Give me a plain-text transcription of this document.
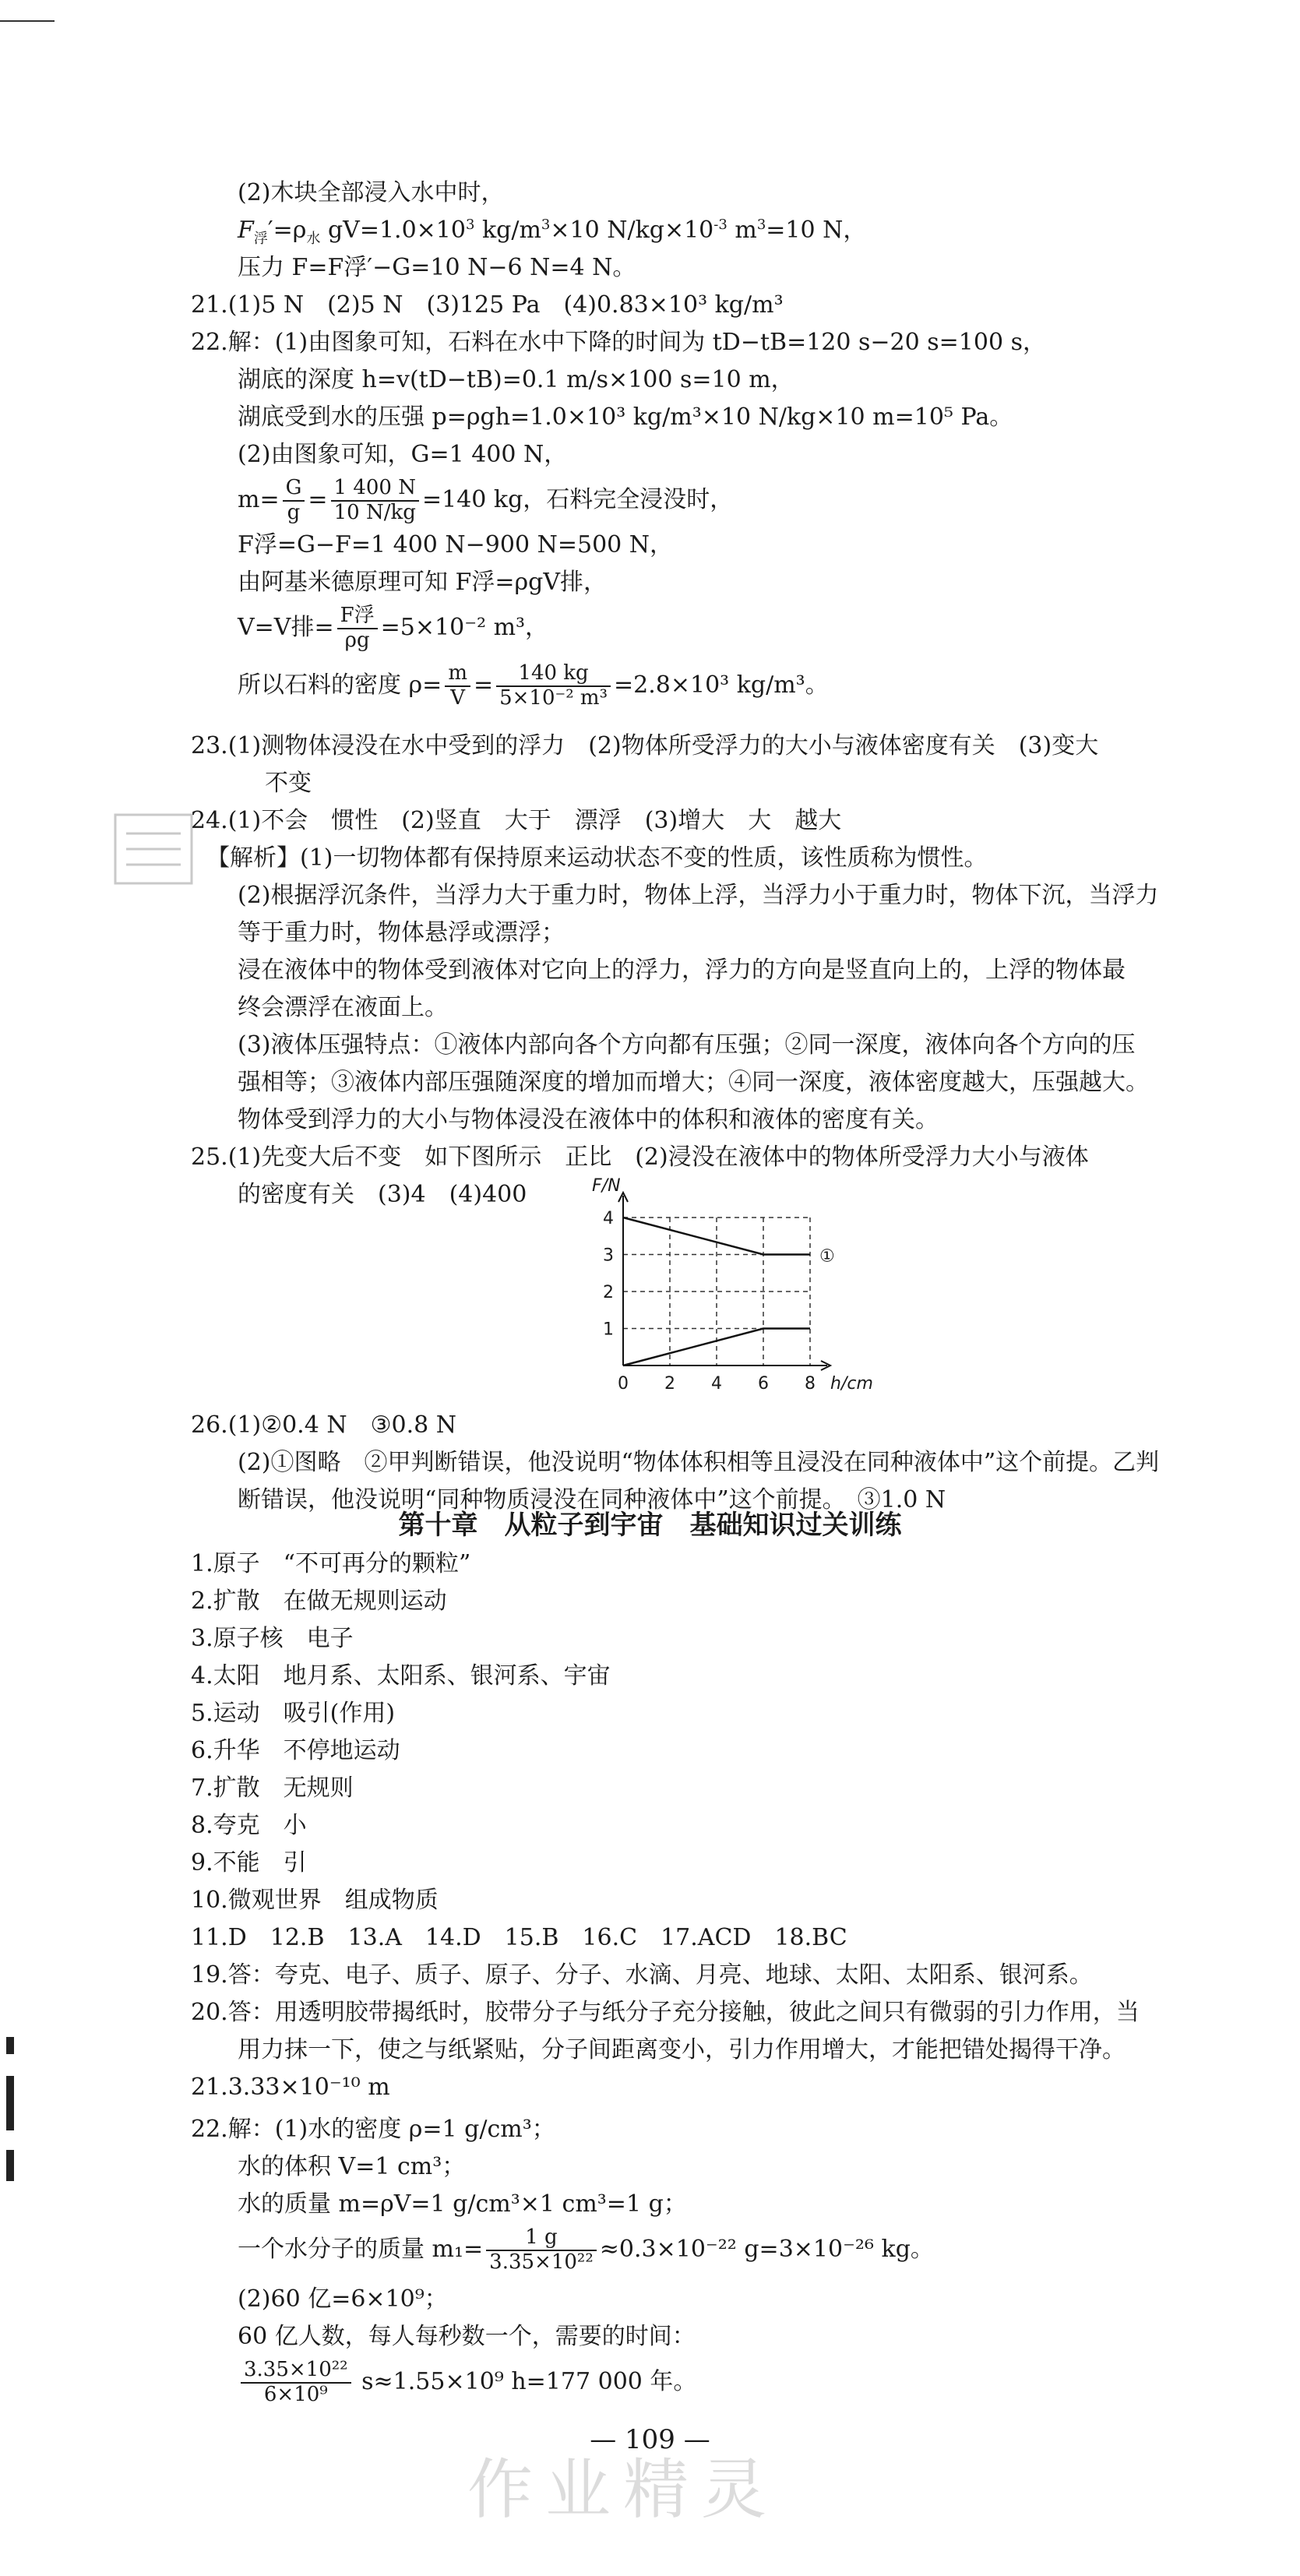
(2)木块全部浸入水中时，
$F_浮'=\rho_水$ $gV=1.0\times 10^3$ $kg/m^3\times 10$ $N/kg\times 10^{-3}$ $m^3=10$ N，
压力 F=F浮′−G=10 N−6 N=4 N。
21.(1)5 N　(2)5 N　(3)125 Pa　(4)0.83×10³ kg/m³
22.解：(1)由图象可知，石料在水中下降的时间为 tD−tB=120 s−20 s=100 s，
湖底的深度 h=v(tD−tB)=0.1 m/s×100 s=10 m，
湖底受到水的压强 p=ρgh=1.0×10³ kg/m³×10 N/kg×10 m=10⁵ Pa。
(2)由图象可知，G=1 400 N，
$m= \frac{G}{g} = \frac{1 400 N}{10 N/kg} =140$ kg，石料完全浸没时，
F浮=G−F=1 400 N−900 N=500 N，
由阿基米德原理可知 F浮=ρgV排，
V=V排= $\frac{\text{F浮}}{\rho g} =5\times 10^{-2}$ m³，
所以石料的密度 $\rho= \frac{m}{V} = \frac{140 kg}{\text{5×10⁻² m³}} =2.8\times 10^3$ kg/m³。
23.(1)测物体浸没在水中受到的浮力　(2)物体所受浮力的大小与液体密度有关　(3)变大
不变
24.(1)不会　惯性　(2)竖直　大于　漂浮　(3)增大　大　越大
【解析】(1)一切物体都有保持原来运动状态不变的性质，该性质称为惯性。
(2)根据浮沉条件，当浮力大于重力时，物体上浮，当浮力小于重力时，物体下沉，当浮力
等于重力时，物体悬浮或漂浮；
浸在液体中的物体受到液体对它向上的浮力，浮力的方向是竖直向上的，上浮的物体最
终会漂浮在液面上。
(3)液体压强特点：①液体内部向各个方向都有压强；②同一深度，液体向各个方向的压
强相等；③液体内部压强随深度的增加而增大；④同一深度，液体密度越大，压强越大。
物体受到浮力的大小与物体浸没在液体中的体积和液体的密度有关。
25.(1)先变大后不变　如下图所示　正比　(2)浸没在液体中的物体所受浮力大小与液体
的密度有关　(3)4　(4)400
0 2 4 6 8
1
2
3
4
F/N
h/cm
①
26.(1)②0.4 N　③0.8 N
(2)①图略　②甲判断错误，他没说明“物体体积相等且浸没在同种液体中”这个前提。乙判
断错误，他没说明“同种物质浸没在同种液体中”这个前提。　③1.0 N
第十章　从粒子到宇宙　基础知识过关训练
1.原子　“不可再分的颗粒”
2.扩散　在做无规则运动
3.原子核　电子
4.太阳　地月系、太阳系、银河系、宇宙
5.运动　吸引(作用)
6.升华　不停地运动
7.扩散　无规则
8.夸克　小
9.不能　引
10.微观世界　组成物质
11.D　12.B　13.A　14.D　15.B　16.C　17.ACD　18.BC
19.答：夸克、电子、质子、原子、分子、水滴、月亮、地球、太阳、太阳系、银河系。
20.答：用透明胶带揭纸时，胶带分子与纸分子充分接触，彼此之间只有微弱的引力作用，当
用力抹一下，使之与纸紧贴，分子间距离变小，引力作用增大，才能把错处揭得干净。
21.3.33×10⁻¹⁰ m
22.解：(1)水的密度 ρ=1 g/cm³；
水的体积 V=1 cm³；
水的质量 m=ρV=1 g/cm³×1 cm³=1 g；
一个水分子的质量 $m_1= \frac{1 g}{\text{3.35×10²²}} \approx 0.3\times 10^{-22}$ g=3×10⁻²⁶ kg。
(2)60 亿=6×10⁹；
60 亿人数，每人每秒数一个，需要的时间：
$\frac{\text{3.35×10²²}}{\text{6×10⁹}} s\approx 1.55\times 10^9$ h=177 000 年。
— 109 —
作业精灵
